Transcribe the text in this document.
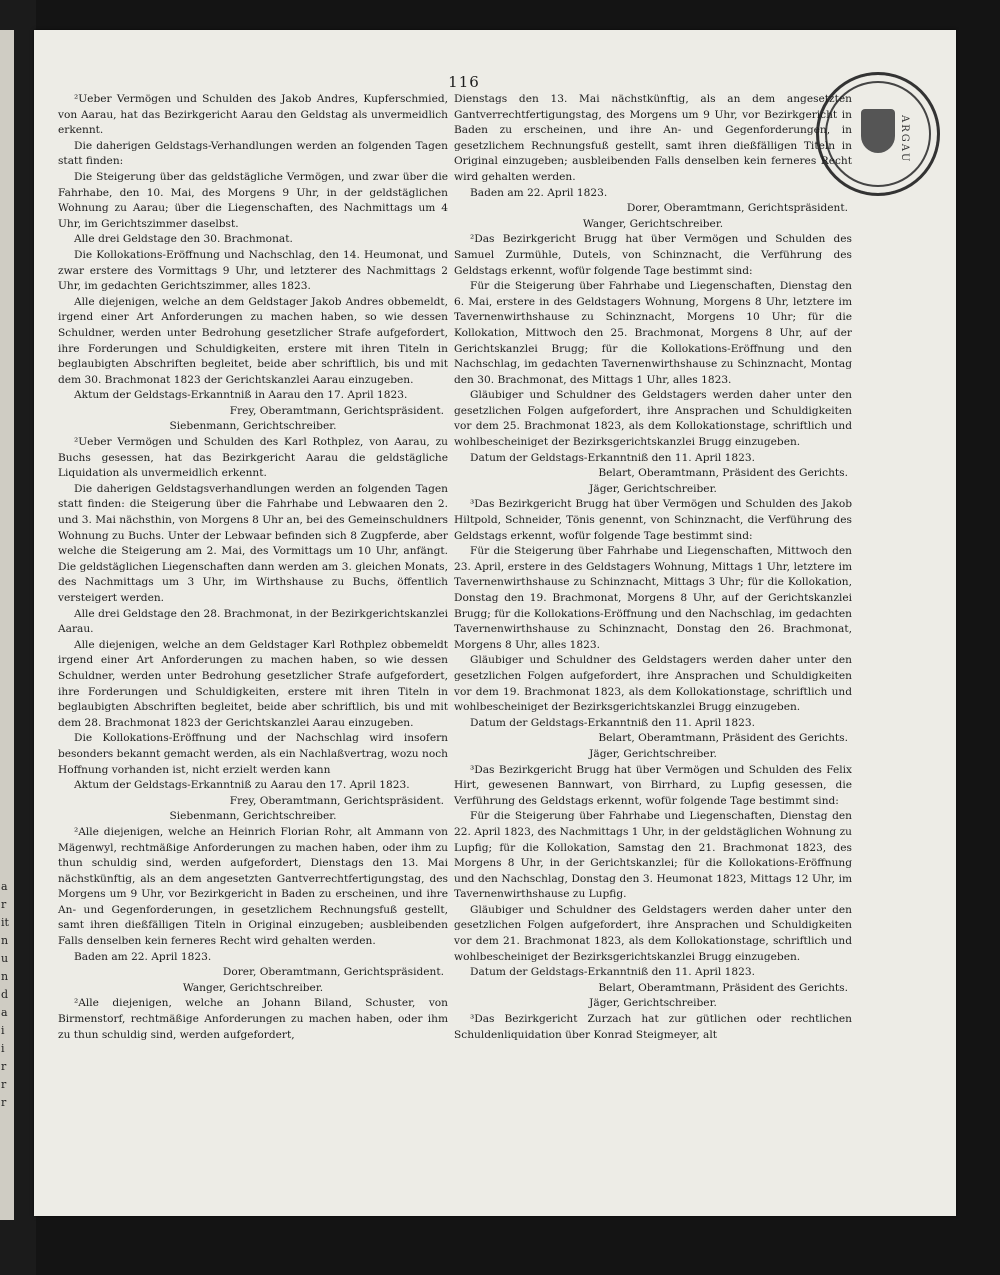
a
r
it
n
u
n
d
a
i
i
r
r
r
116
ARGAU

²Ueber Vermögen und Schulden des Jakob Andres, Kupferschmied, von Aarau, hat das Bezirkgericht Aarau den Geldstag als unvermeidlich erkennt.

Die daherigen Geldstags-Verhandlungen werden an folgenden Tagen statt finden:

Die Steigerung über das geldstägliche Vermögen, und zwar über die Fahrhabe, den 10. Mai, des Morgens 9 Uhr, in der geldstäglichen Wohnung zu Aarau; über die Liegenschaften, des Nachmittags um 4 Uhr, im Gerichtszimmer daselbst.

Alle drei Geldstage den 30. Brachmonat.

Die Kollokations-Eröffnung und Nachschlag, den 14. Heumonat, und zwar erstere des Vormittags 9 Uhr, und letzterer des Nachmittags 2 Uhr, im gedachten Gerichtszimmer, alles 1823.

Alle diejenigen, welche an dem Geldstager Jakob Andres obbemeldt, irgend einer Art Anforderungen zu machen haben, so wie dessen Schuldner, werden unter Bedrohung gesetzlicher Strafe aufgefordert, ihre Forderungen und Schuldigkeiten, erstere mit ihren Titeln in beglaubigten Abschriften begleitet, beide aber schriftlich, bis und mit dem 30. Brachmonat 1823 der Gerichtskanzlei Aarau einzugeben.

Aktum der Geldstags-Erkanntniß in Aarau den 17. April 1823.

Frey, Oberamtmann, Gerichtspräsident.

Siebenmann, Gerichtschreiber.

²Ueber Vermögen und Schulden des Karl Rothplez, von Aarau, zu Buchs gesessen, hat das Bezirkgericht Aarau die geldstägliche Liquidation als unvermeidlich erkennt.

Die daherigen Geldstagsverhandlungen werden an folgenden Tagen statt finden: die Steigerung über die Fahrhabe und Lebwaaren den 2. und 3. Mai nächsthin, von Morgens 8 Uhr an, bei des Gemeinschuldners Wohnung zu Buchs. Unter der Lebwaar befinden sich 8 Zugpferde, aber welche die Steigerung am 2. Mai, des Vormittags um 10 Uhr, anfängt. Die geldstäglichen Liegenschaften dann werden am 3. gleichen Monats, des Nachmittags um 3 Uhr, im Wirthshause zu Buchs, öffentlich versteigert werden.

Alle drei Geldstage den 28. Brachmonat, in der Bezirkgerichtskanzlei Aarau.

Alle diejenigen, welche an dem Geldstager Karl Rothplez obbemeldt irgend einer Art Anforderungen zu machen haben, so wie dessen Schuldner, werden unter Bedrohung gesetzlicher Strafe aufgefordert, ihre Forderungen und Schuldigkeiten, erstere mit ihren Titeln in beglaubigten Abschriften begleitet, beide aber schriftlich, bis und mit dem 28. Brachmonat 1823 der Gerichtskanzlei Aarau einzugeben.

Die Kollokations-Eröffnung und der Nachschlag wird insofern besonders bekannt gemacht werden, als ein Nachlaßvertrag, wozu noch Hoffnung vorhanden ist, nicht erzielt werden kann

Aktum der Geldstags-Erkanntniß zu Aarau den 17. April 1823.

Frey, Oberamtmann, Gerichtspräsident.

Siebenmann, Gerichtschreiber.

²Alle diejenigen, welche an Heinrich Florian Rohr, alt Ammann von Mägenwyl, rechtmäßige Anforderungen zu machen haben, oder ihm zu thun schuldig sind, werden aufgefordert, Dienstags den 13. Mai nächstkünftig, als an dem angesetzten Gantverrechtfertigungstag, des Morgens um 9 Uhr, vor Bezirkgericht in Baden zu erscheinen, und ihre An- und Gegenforderungen, in gesetzlichem Rechnungsfuß gestellt, samt ihren dießfälligen Titeln in Original einzugeben; ausbleibenden Falls denselben kein ferneres Recht wird gehalten werden.

Baden am 22. April 1823.

Dorer, Oberamtmann, Gerichtspräsident.

Wanger, Gerichtschreiber.

²Alle diejenigen, welche an Johann Biland, Schuster, von Birmenstorf, rechtmäßige Anforderungen zu machen haben, oder ihm zu thun schuldig sind, werden aufgefordert,

Dienstags den 13. Mai nächstkünftig, als an dem angesetzten Gantverrechtfertigungstag, des Morgens um 9 Uhr, vor Bezirkgericht in Baden zu erscheinen, und ihre An- und Gegenforderungen, in gesetzlichem Rechnungsfuß gestellt, samt ihren dießfälligen Titeln in Original einzugeben; ausbleibenden Falls denselben kein ferneres Recht wird gehalten werden.

Baden am 22. April 1823.

Dorer, Oberamtmann, Gerichtspräsident.

Wanger, Gerichtschreiber.

²Das Bezirkgericht Brugg hat über Vermögen und Schulden des Samuel Zurmühle, Dutels, von Schinznacht, die Verführung des Geldstags erkennt, wofür folgende Tage bestimmt sind:

Für die Steigerung über Fahrhabe und Liegenschaften, Dienstag den 6. Mai, erstere in des Geldstagers Wohnung, Morgens 8 Uhr, letztere im Tavernenwirthshause zu Schinznacht, Morgens 10 Uhr; für die Kollokation, Mittwoch den 25. Brachmonat, Morgens 8 Uhr, auf der Gerichtskanzlei Brugg; für die Kollokations-Eröffnung und den Nachschlag, im gedachten Tavernenwirthshause zu Schinznacht, Montag den 30. Brachmonat, des Mittags 1 Uhr, alles 1823.

Gläubiger und Schuldner des Geldstagers werden daher unter den gesetzlichen Folgen aufgefordert, ihre Ansprachen und Schuldigkeiten vor dem 25. Brachmonat 1823, als dem Kollokationstage, schriftlich und wohlbescheiniget der Bezirksgerichtskanzlei Brugg einzugeben.

Datum der Geldstags-Erkanntniß den 11. April 1823.

Belart, Oberamtmann, Präsident des Gerichts.

Jäger, Gerichtschreiber.

³Das Bezirkgericht Brugg hat über Vermögen und Schulden des Jakob Hiltpold, Schneider, Tönis genennt, von Schinznacht, die Verführung des Geldstags erkennt, wofür folgende Tage bestimmt sind:

Für die Steigerung über Fahrhabe und Liegenschaften, Mittwoch den 23. April, erstere in des Geldstagers Wohnung, Mittags 1 Uhr, letztere im Tavernenwirthshause zu Schinznacht, Mittags 3 Uhr; für die Kollokation, Donstag den 19. Brachmonat, Morgens 8 Uhr, auf der Gerichtskanzlei Brugg; für die Kollokations-Eröffnung und den Nachschlag, im gedachten Tavernenwirthshause zu Schinznacht, Donstag den 26. Brachmonat, Morgens 8 Uhr, alles 1823.

Gläubiger und Schuldner des Geldstagers werden daher unter den gesetzlichen Folgen aufgefordert, ihre Ansprachen und Schuldigkeiten vor dem 19. Brachmonat 1823, als dem Kollokationstage, schriftlich und wohlbescheiniget der Bezirksgerichtskanzlei Brugg einzugeben.

Datum der Geldstags-Erkanntniß den 11. April 1823.

Belart, Oberamtmann, Präsident des Gerichts.

Jäger, Gerichtschreiber.

³Das Bezirkgericht Brugg hat über Vermögen und Schulden des Felix Hirt, gewesenen Bannwart, von Birrhard, zu Lupfig gesessen, die Verführung des Geldstags erkennt, wofür folgende Tage bestimmt sind:

Für die Steigerung über Fahrhabe und Liegenschaften, Dienstag den 22. April 1823, des Nachmittags 1 Uhr, in der geldstäglichen Wohnung zu Lupfig; für die Kollokation, Samstag den 21. Brachmonat 1823, des Morgens 8 Uhr, in der Gerichtskanzlei; für die Kollokations-Eröffnung und den Nachschlag, Donstag den 3. Heumonat 1823, Mittags 12 Uhr, im Tavernenwirthshause zu Lupfig.

Gläubiger und Schuldner des Geldstagers werden daher unter den gesetzlichen Folgen aufgefordert, ihre Ansprachen und Schuldigkeiten vor dem 21. Brachmonat 1823, als dem Kollokationstage, schriftlich und wohlbescheiniget der Bezirksgerichtskanzlei Brugg einzugeben.

Datum der Geldstags-Erkanntniß den 11. April 1823.

Belart, Oberamtmann, Präsident des Gerichts.

Jäger, Gerichtschreiber.

³Das Bezirkgericht Zurzach hat zur gütlichen oder rechtlichen Schuldenliquidation über Konrad Steigmeyer, alt
